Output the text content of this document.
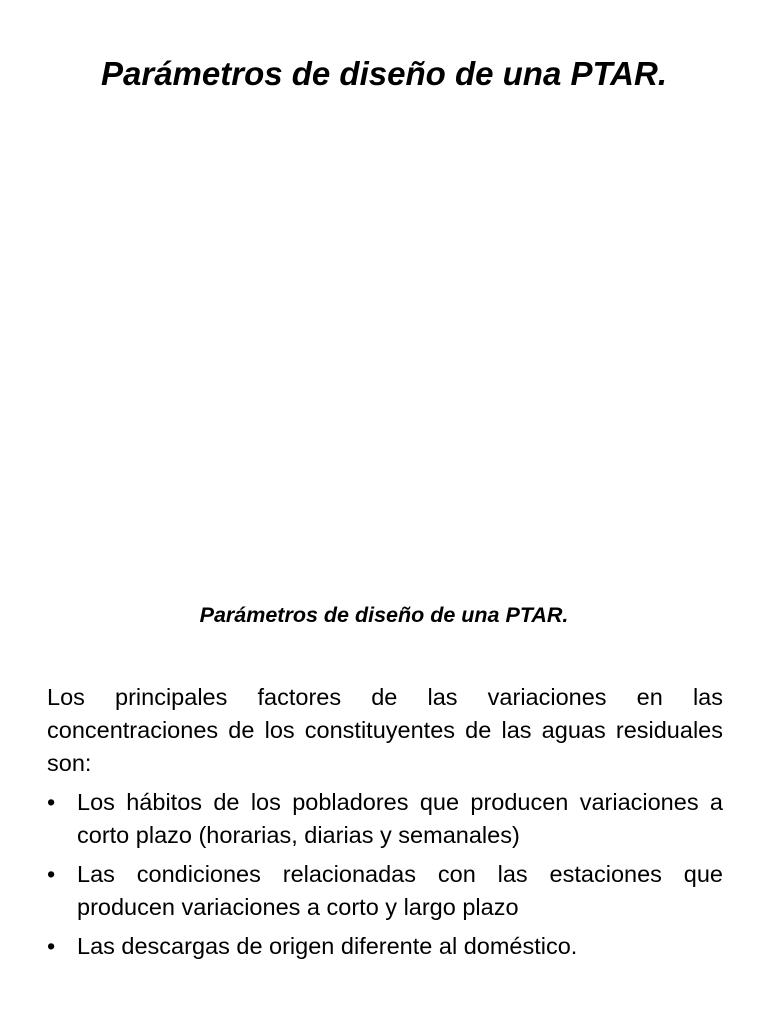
Parámetros de diseño de una PTAR.
Parámetros de diseño de una PTAR.

Los principales factores de las variaciones en las concentraciones de los constituyentes de las aguas residuales son:

• Los hábitos de los pobladores que producen variaciones a corto plazo (horarias, diarias y semanales)
• Las condiciones relacionadas con las estaciones que producen variaciones a corto y largo plazo
• Las descargas de origen diferente al doméstico.
